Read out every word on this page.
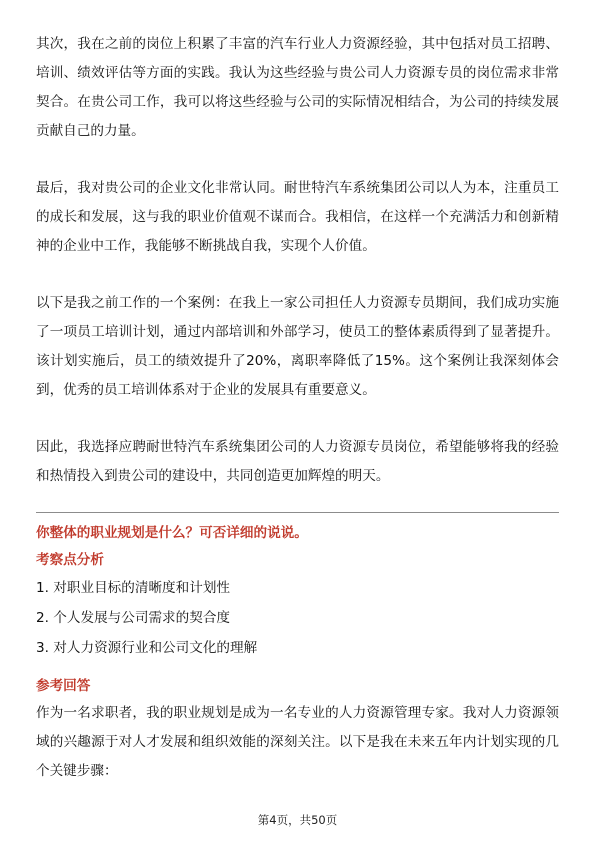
其次，我在之前的岗位上积累了丰富的汽车行业人力资源经验，其中包括对员工招聘、培训、绩效评估等方面的实践。我认为这些经验与贵公司人力资源专员的岗位需求非常契合。在贵公司工作，我可以将这些经验与公司的实际情况相结合，为公司的持续发展贡献自己的力量。

最后，我对贵公司的企业文化非常认同。耐世特汽车系统集团公司以人为本，注重员工的成长和发展，这与我的职业价值观不谋而合。我相信，在这样一个充满活力和创新精神的企业中工作，我能够不断挑战自我，实现个人价值。

以下是我之前工作的一个案例：在我上一家公司担任人力资源专员期间，我们成功实施了一项员工培训计划，通过内部培训和外部学习，使员工的整体素质得到了显著提升。该计划实施后，员工的绩效提升了20%，离职率降低了15%。这个案例让我深刻体会到，优秀的员工培训体系对于企业的发展具有重要意义。

因此，我选择应聘耐世特汽车系统集团公司的人力资源专员岗位，希望能够将我的经验和热情投入到贵公司的建设中，共同创造更加辉煌的明天。

你整体的职业规划是什么？可否详细的说说。

考察点分析

1. 对职业目标的清晰度和计划性
2. 个人发展与公司需求的契合度
3. 对人力资源行业和公司文化的理解

参考回答

作为一名求职者，我的职业规划是成为一名专业的人力资源管理专家。我对人力资源领域的兴趣源于对人才发展和组织效能的深刻关注。以下是我在未来五年内计划实现的几个关键步骤：

第4页，共50页
